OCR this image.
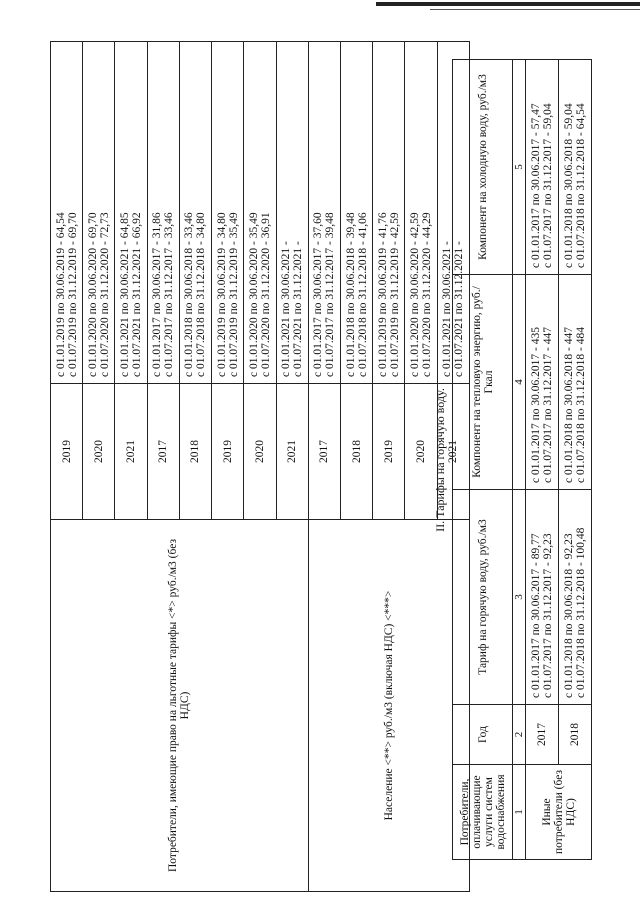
Потребители, имеющие право на льготные тарифы <*> руб./м3 (без НДС)	2019	с 01.01.2019 по 30.06.2019 - 64,54 с 01.07.2019 по 31.12.2019 - 69,70

	2020	с 01.01.2020 по 30.06.2020 - 69,70 с 01.07.2020 по 31.12.2020 - 72,73

	2021	с 01.01.2021 по 30.06.2021 - 64,85 с 01.07.2021 по 31.12.2021 - 66,92

	2017	с 01.01.2017 по 30.06.2017 - 31,86 с 01.07.2017 по 31.12.2017 - 33,46

	2018	с 01.01.2018 по 30.06.2018 - 33,46 с 01.07.2018 по 31.12.2018 - 34,80

	2019	с 01.01.2019 по 30.06.2019 - 34,80 с 01.07.2019 по 31.12.2019 - 35,49

	2020	с 01.01.2020 по 30.06.2020 - 35,49 с 01.07.2020 по 31.12.2020 - 36,91

	2021	с 01.01.2021 по 30.06.2021 - с 01.07.2021 по 31.12.2021 -

Население <**> руб./м3 (включая НДС) <***>	2017	с 01.01.2017 по 30.06.2017 - 37,60 с 01.07.2017 по 31.12.2017 - 39,48

	2018	с 01.01.2018 по 30.06.2018 - 39,48 с 01.07.2018 по 31.12.2018 - 41,06

	2019	с 01.01.2019 по 30.06.2019 - 41,76 с 01.07.2019 по 31.12.2019 - 42,59

	2020	с 01.01.2020 по 30.06.2020 - 42,59 с 01.07.2020 по 31.12.2020 - 44,29

	2021	с 01.01.2021 по 30.06.2021 - с 01.07.2021 по 31.12.2021 -
II. Тарифы на горячую воду.
Потребители, оплачивающие услуги систем водоснабжения	Год	Тариф на горячую воду, руб./м3	Компонент на тепловую энергию, руб./Гкал	Компонент на холодную воду, руб./м3
1	2	3	4	5
Иные потребители (без НДС)	2017	с 01.01.2017 по 30.06.2017 - 89,77 с 01.07.2017 по 31.12.2017 - 92,23	с 01.01.2017 по 30.06.2017 - 435 с 01.07.2017 по 31.12.2017 - 447	с 01.01.2017 по 30.06.2017 - 57,47 с 01.07.2017 по 31.12.2017 - 59,04

	2018	с 01.01.2018 по 30.06.2018 - 92,23 с 01.07.2018 по 31.12.2018 - 100,48	с 01.01.2018 по 30.06.2018 - 447 с 01.07.2018 по 31.12.2018 - 484	с 01.01.2018 по 30.06.2018 - 59,04 с 01.07.2018 по 31.12.2018 - 64,54
